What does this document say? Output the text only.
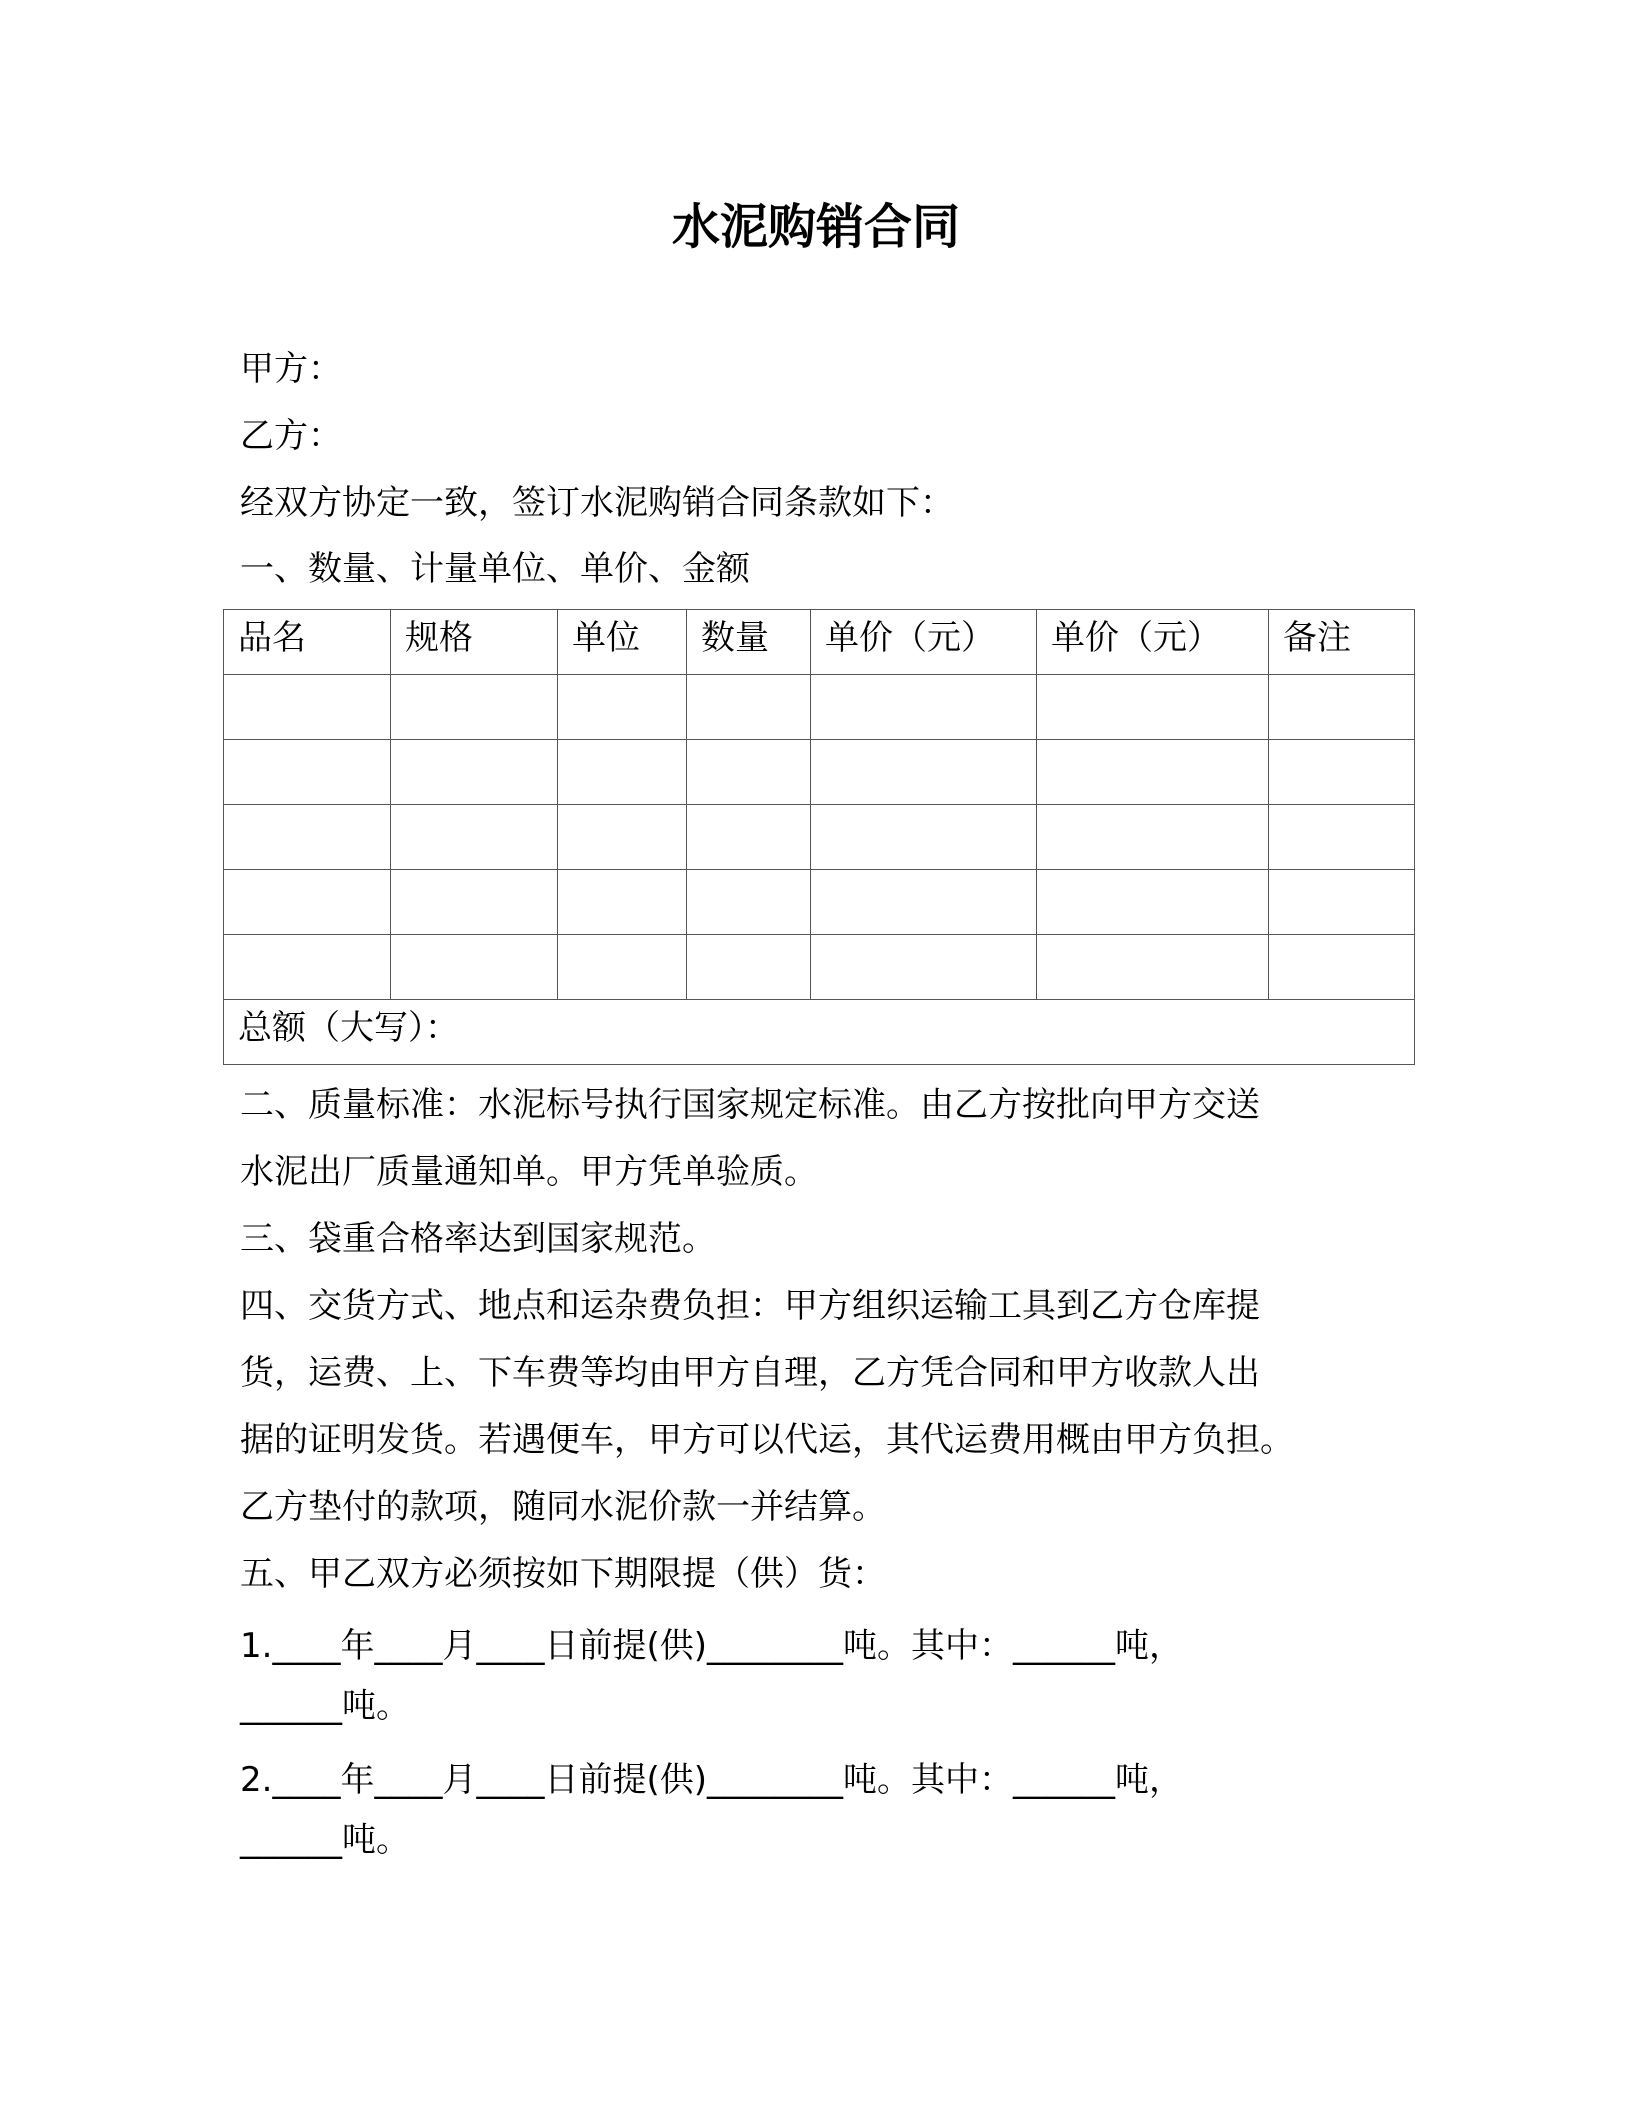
水泥购销合同
甲方：
乙方：
经双方协定一致，签订水泥购销合同条款如下：
一、数量、计量单位、单价、金额
品名	规格	单位	数量	单价（元）	单价（元）	备注

总额（大写）：						
二、质量标准：水泥标号执行国家规定标准。由乙方按批向甲方交送
水泥出厂质量通知单。甲方凭单验质。
三、袋重合格率达到国家规范。
四、交货方式、地点和运杂费负担：甲方组织运输工具到乙方仓库提
货，运费、上、下车费等均由甲方自理，乙方凭合同和甲方收款人出
据的证明发货。若遇便车，甲方可以代运，其代运费用概由甲方负担。
乙方垫付的款项，随同水泥价款一并结算。
五、甲乙双方必须按如下期限提（供）货：
1.____年____月____日前提(供)________吨。其中：______吨，
______吨。
2.____年____月____日前提(供)________吨。其中：______吨，
______吨。
